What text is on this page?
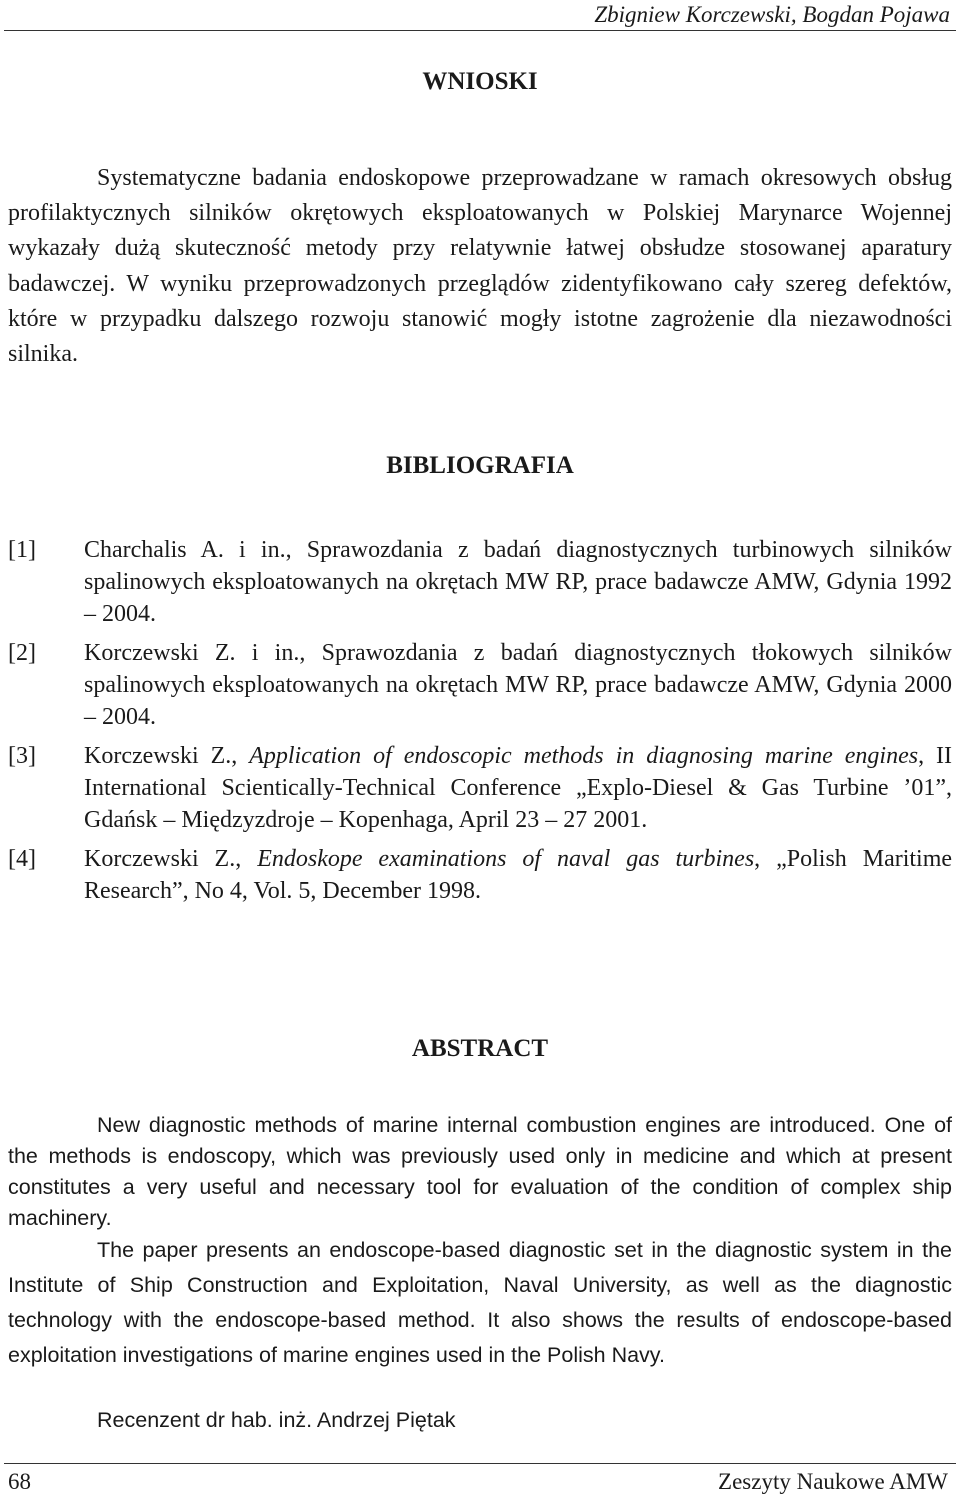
Zbigniew Korczewski, Bogdan Pojawa
WNIOSKI

Systematyczne badania endoskopowe przeprowadzane w ramach okresowych obsług profilaktycznych silników okrętowych eksploatowanych w Polskiej Marynarce Wojennej wykazały dużą skuteczność metody przy relatywnie łatwej obsłudze stosowanej aparatury badawczej. W wyniku przeprowadzonych przeglądów zidentyfikowano cały szereg defektów, które w przypadku dalszego rozwoju stanowić mogły istotne zagrożenie dla niezawodności silnika.

BIBLIOGRAFIA
[1] Charchalis A. i in., Sprawozdania z badań diagnostycznych turbinowych silników spalinowych eksploatowanych na okrętach MW RP, prace badawcze AMW, Gdynia 1992 – 2004.
[2] Korczewski Z. i in., Sprawozdania z badań diagnostycznych tłokowych silników spalinowych eksploatowanych na okrętach MW RP, prace badawcze AMW, Gdynia 2000 – 2004.
[3] Korczewski Z., Application of endoscopic methods in diagnosing marine engines, II International Scientically-Technical Conference „Explo-Diesel & Gas Turbine ’01”, Gdańsk – Międzyzdroje – Kopenhaga, April 23 – 27 2001.
[4] Korczewski Z., Endoskope examinations of naval gas turbines, „Polish Maritime Research”, No 4, Vol. 5, December 1998.
ABSTRACT

New diagnostic methods of marine internal combustion engines are introduced. One of the methods is endoscopy, which was previously used only in medicine and which at present constitutes a very useful and necessary tool for evaluation of the condition of complex ship machinery.

The paper presents an endoscope-based diagnostic set in the diagnostic system in the Institute of Ship Construction and Exploitation, Naval University, as well as the diagnostic technology with the endoscope-based method. It also shows the results of endoscope-based exploitation investigations of marine engines used in the Polish Navy.

Recenzent dr hab. inż. Andrzej Piętak
68	Zeszyty Naukowe AMW
